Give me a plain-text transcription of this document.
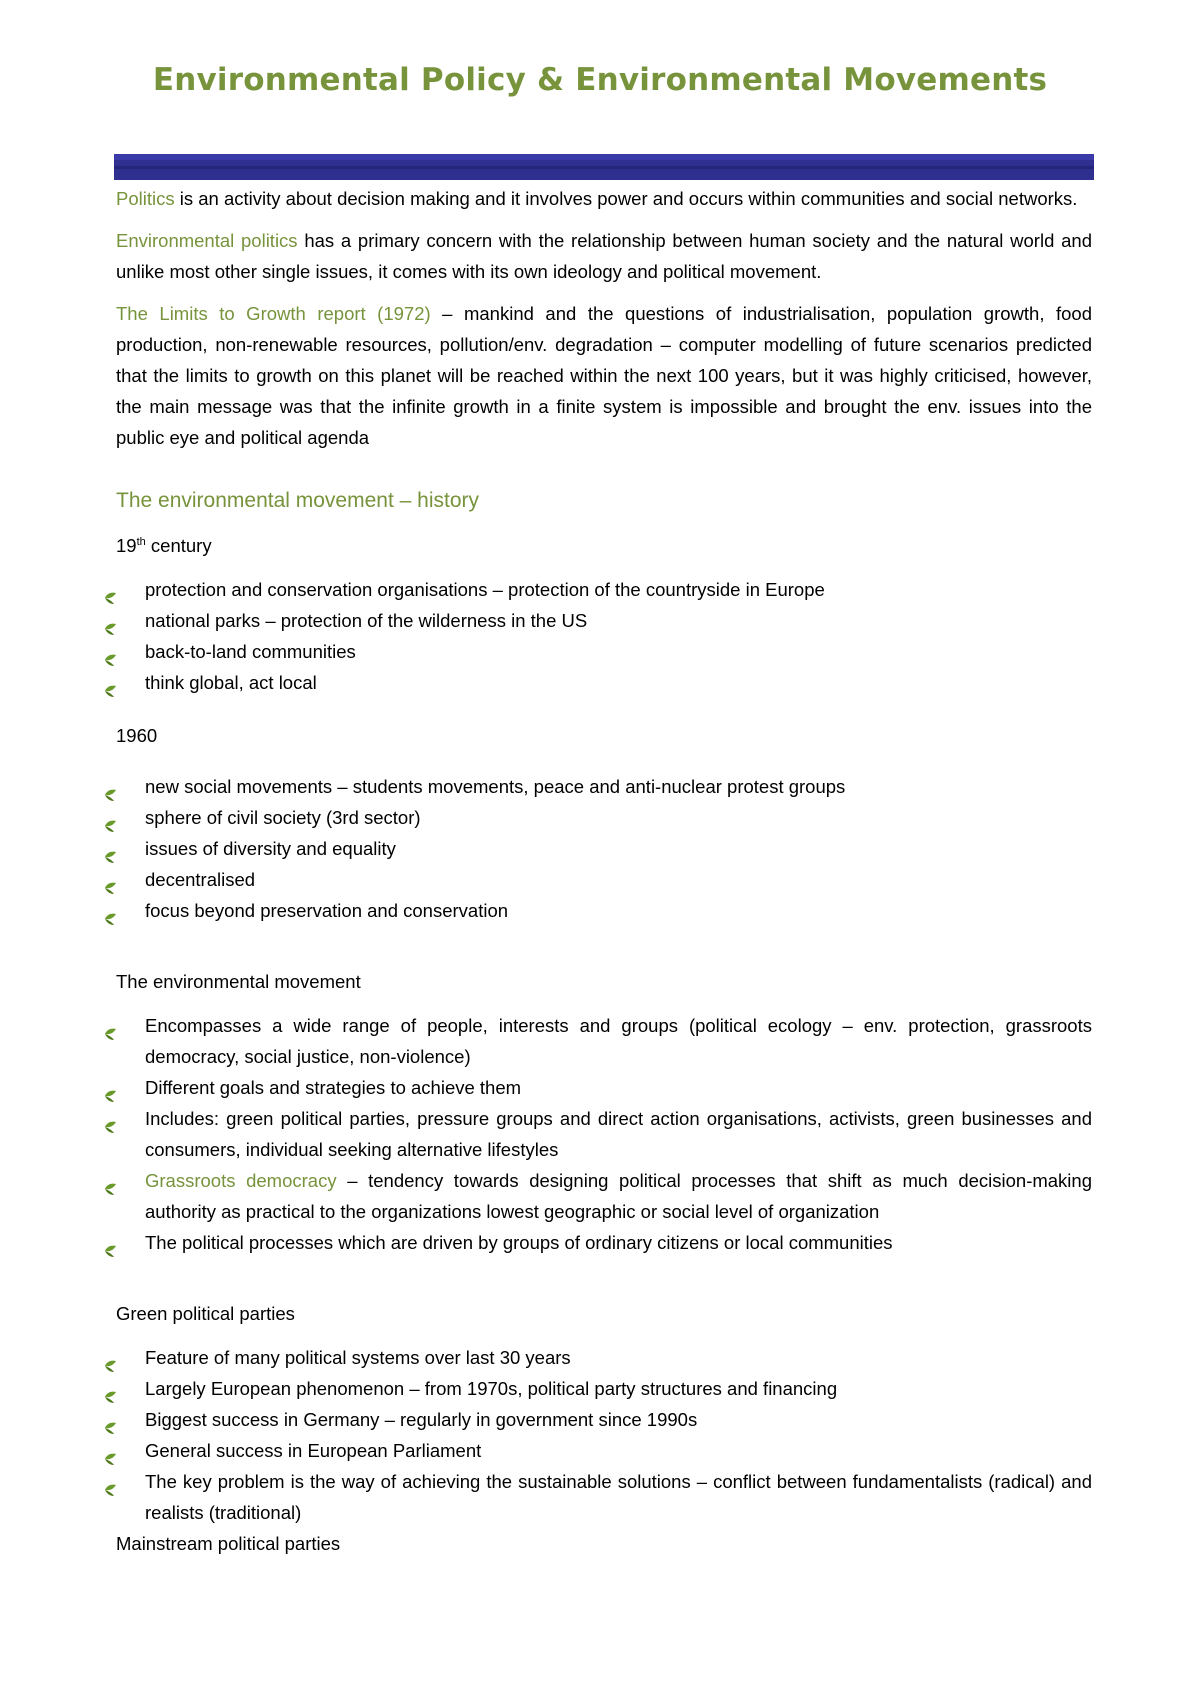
Environmental Policy & Environmental Movements

Politics is an activity about decision making and it involves power and occurs within communities and social networks.

Environmental politics has a primary concern with the relationship between human society and the natural world and unlike most other single issues, it comes with its own ideology and political movement.

The Limits to Growth report (1972) – mankind and the questions of industrialisation, population growth, food production, non-renewable resources, pollution/env. degradation – computer modelling of future scenarios predicted that the limits to growth on this planet will be reached within the next 100 years, but it was highly criticised, however, the main message was that the infinite growth in a finite system is impossible and brought the env. issues into the public eye and political agenda

The environmental movement – history

19th century

protection and conservation organisations – protection of the countryside in Europe
national parks – protection of the wilderness in the US
back-to-land communities
think global, act local

1960

new social movements – students movements, peace and anti-nuclear protest groups
sphere of civil society (3rd sector)
issues of diversity and equality
decentralised
focus beyond preservation and conservation

The environmental movement

Encompasses a wide range of people, interests and groups (political ecology – env. protection, grassroots democracy, social justice, non-violence)
Different goals and strategies to achieve them
Includes: green political parties, pressure groups and direct action organisations, activists, green businesses and consumers, individual seeking alternative lifestyles
Grassroots democracy – tendency towards designing political processes that shift as much decision-making authority as practical to the organizations lowest geographic or social level of organization
The political processes which are driven by groups of ordinary citizens or local communities

Green political parties

Feature of many political systems over last 30 years
Largely European phenomenon – from 1970s, political party structures and financing
Biggest success in Germany – regularly in government since 1990s
General success in European Parliament
The key problem is the way of achieving the sustainable solutions – conflict between fundamentalists (radical) and realists (traditional)

Mainstream political parties
